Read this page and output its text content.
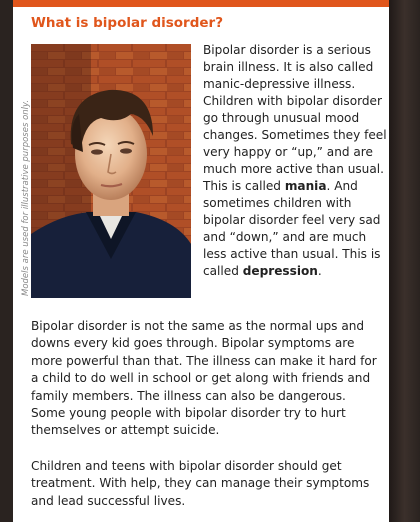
What is bipolar disorder?
Models are used for illustrative purposes only.
Bipolar disorder is a serious brain illness. It is also called manic-depressive illness. Children with bipolar disorder go through unusual mood changes. Sometimes they feel very happy or “up,” and are much more active than usual. This is called mania. And sometimes children with bipolar disorder feel very sad and “down,” and are much less active than usual. This is called depression.

Bipolar disorder is not the same as the normal ups and downs every kid goes through. Bipolar symptoms are more powerful than that. The illness can make it hard for a child to do well in school or get along with friends and family members. The illness can also be dangerous. Some young people with bipolar disorder try to hurt themselves or attempt suicide.

Children and teens with bipolar disorder should get treatment. With help, they can manage their symptoms and lead successful lives.
